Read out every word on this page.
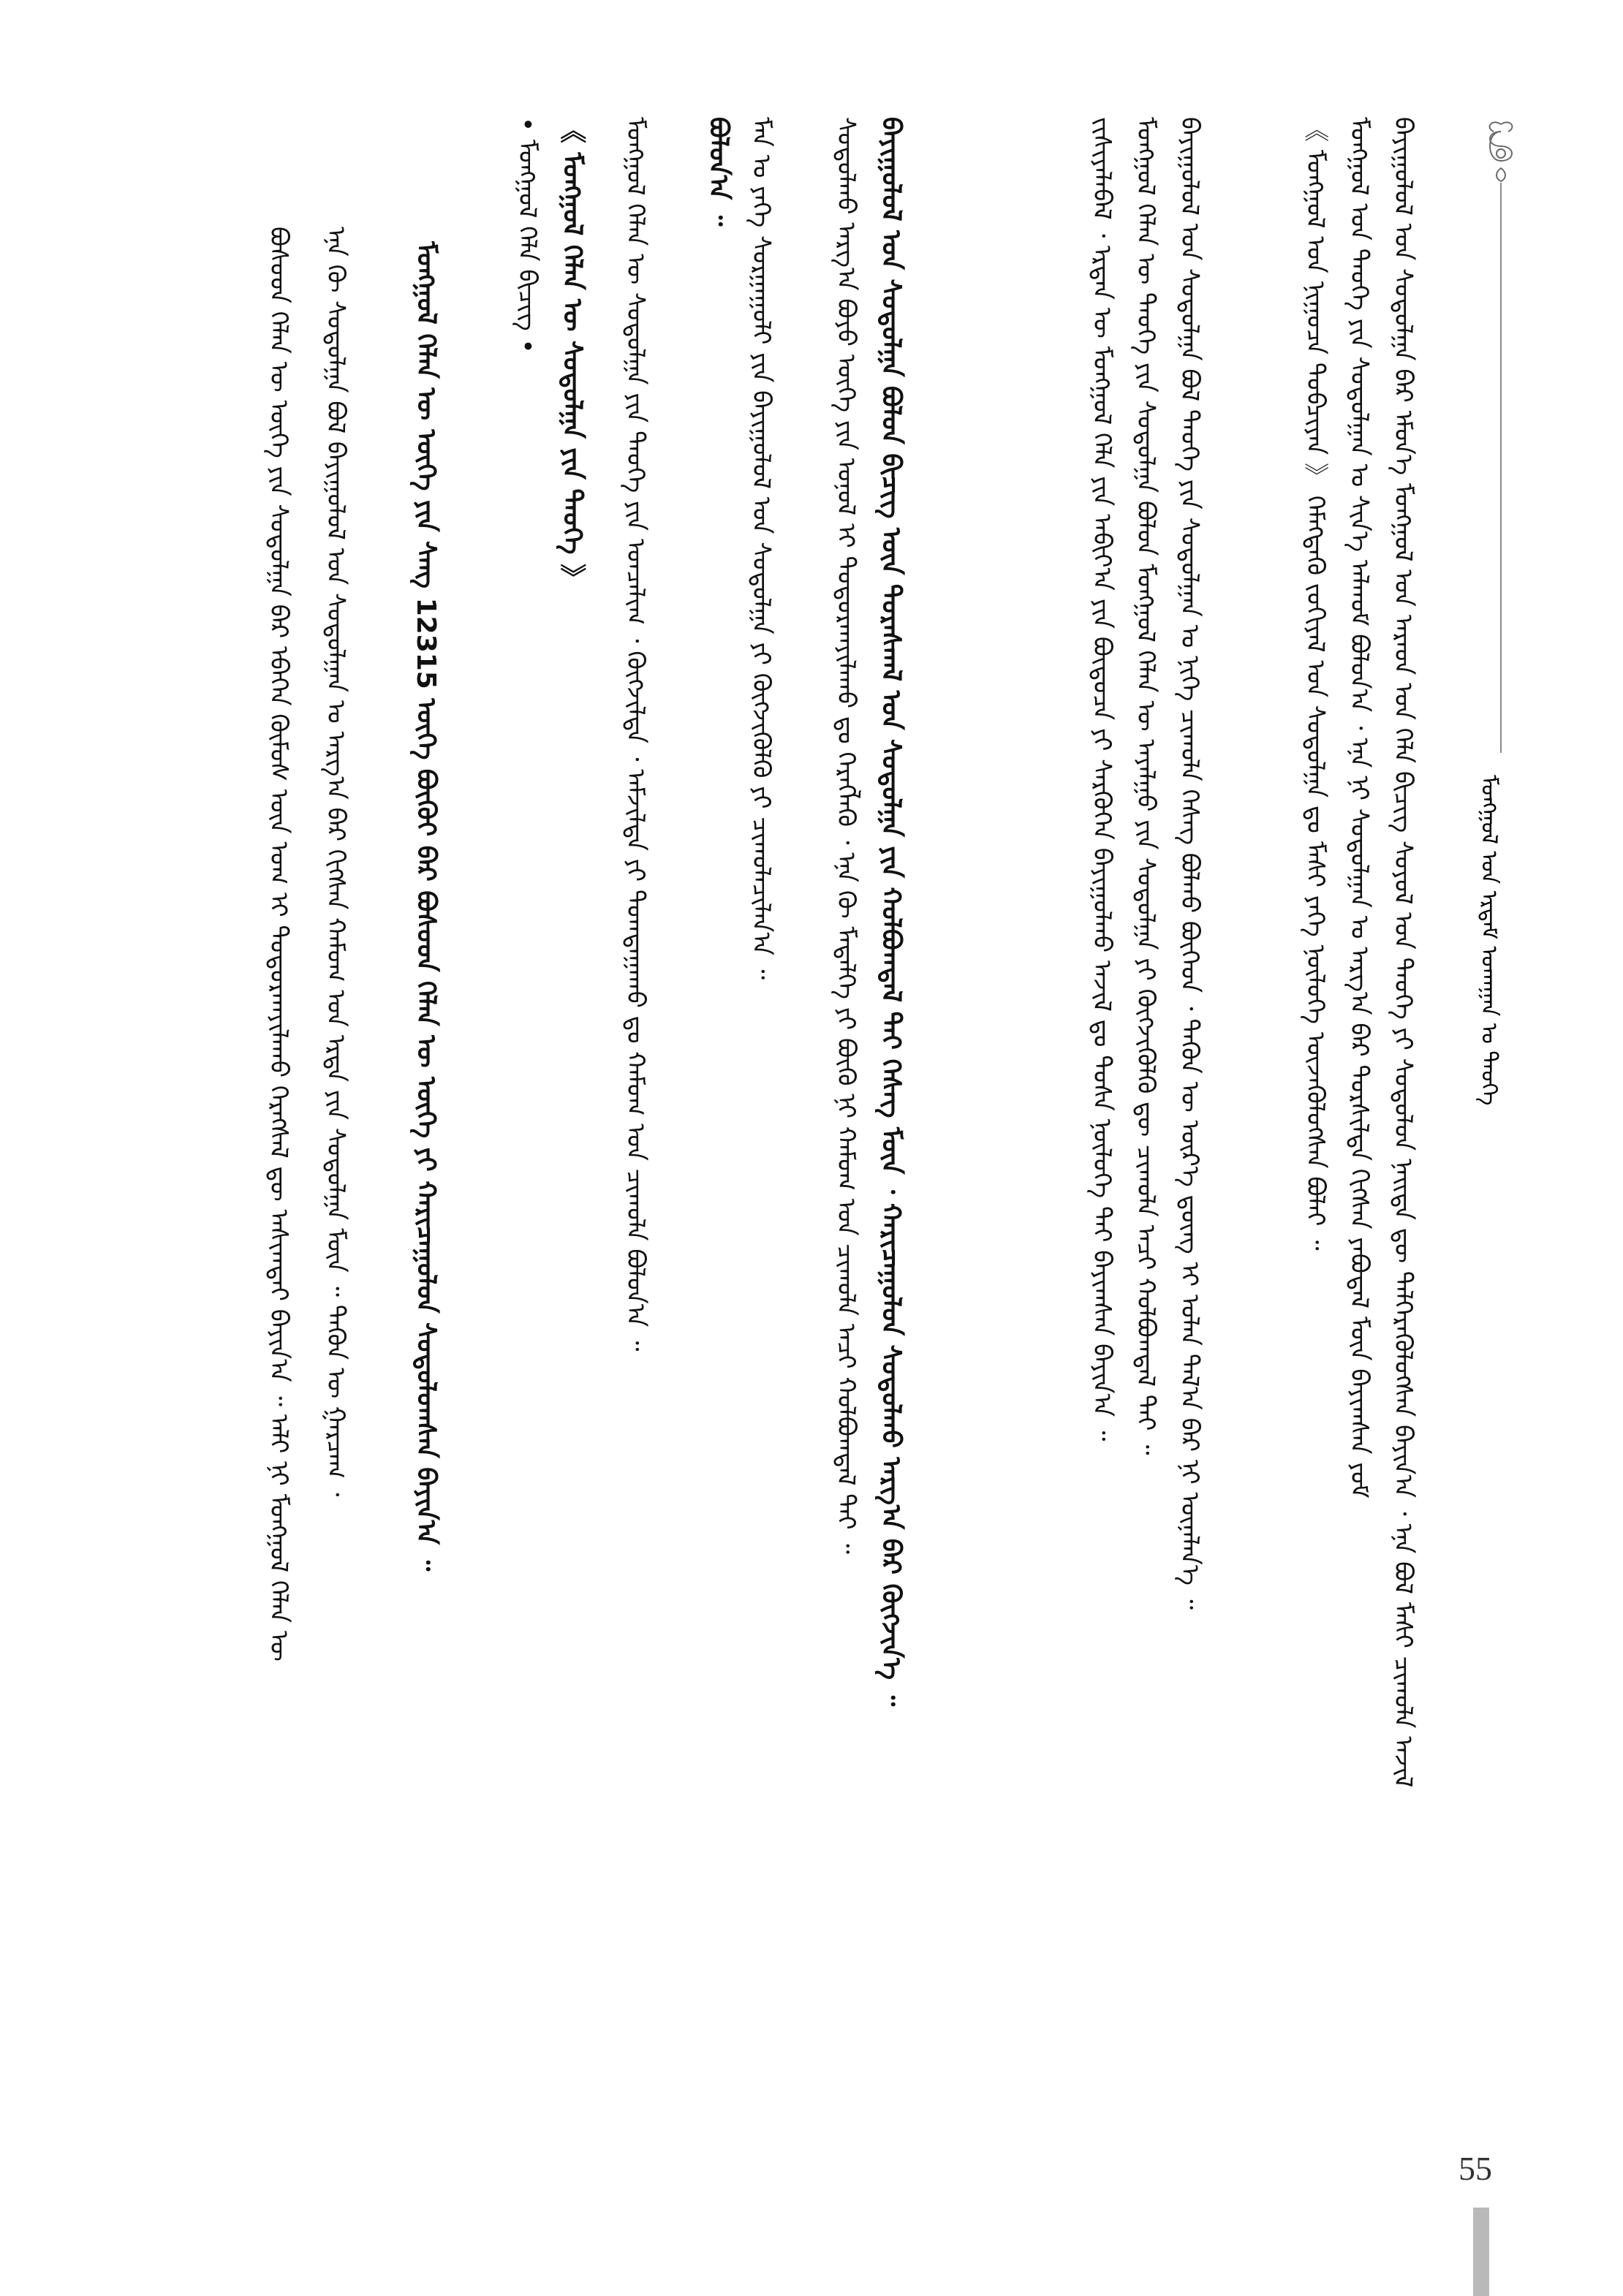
ᠮᠣᠩᠭᠣᠯ ᠤᠨ ᠡᠷᠳᠡᠮ ᠤᠬᠠᠭᠠᠨ ᠤ ᠲᠡᠦᠬᠡ
ᠪᠠᠶᠢᠭᠤᠯᠤᠯ ᠤᠨ ᠰᠤᠳᠤᠯᠭᠠ ᠪᠠᠷ ᠡᠮᠦᠨ᠎ᠡ ᠮᠣᠩᠭᠣᠯ ᠤᠨ ᠠᠷᠠᠳ ᠤᠨ ᠬᠡᠯᠡ ᠪᠢᠴᠢᠭ ᠰᠣᠶᠣᠯ ᠤᠨ ᠲᠡᠦᠬᠡ ᠶᠢ ᠰᠤᠳᠤᠯᠤᠨ ᠨᠡᠢᠲᠡ ᠳᠦ ᠳᠡᠯᠭᠡᠷᠡᠭᠦᠯᠦᠭᠰᠡᠨ ᠪᠠᠶᠢᠨ᠎ᠠ ᠂ ᠡᠨᠡ ᠪᠣᠯ ᠮᠠᠰᠢ ᠴᠢᠬᠤᠯᠠ ᠠᠵᠢᠯ
ᠮᠣᠩᠭᠣᠯ ᠤᠨ ᠲᠡᠦᠬᠡ ᠶᠢᠨ ᠰᠤᠳᠤᠯᠭᠠᠨ ᠤ ᠰᠢᠨ᠎ᠡ ᠠᠯᠬᠤᠮ ᠪᠣᠯᠤᠨ᠎ᠠ ᠂ ᠡᠨᠡ ᠨᠢ ᠰᠤᠳᠤᠯᠭᠠᠨ ᠤ ᠠᠷᠭ᠎ᠠ ᠪᠠᠷ ᠲᠤᠷᠰᠢᠯᠲᠠ ᠬᠢᠭᠰᠡᠨ ᠶᠠᠪᠤᠳᠠᠯ ᠮᠥᠨ ᠪᠠᠶᠢᠭᠰᠠᠨ ᠶᠤᠮ
《 ᠮᠣᠩᠭᠣᠯ ᠤᠨ ᠨᠢᠭᠤᠴᠠ ᠲᠣᠪᠴᠢᠶᠠᠨ 》 ᠬᠡᠮᠡᠭᠳᠡᠬᠦ ᠵᠣᠬᠢᠶᠠᠯ ᠤᠨ ᠰᠤᠳᠤᠯᠭᠠ ᠳᠤ ᠮᠠᠰᠢ ᠶᠡᠬᠡ ᠨᠥᠯᠦᠭᠡ ᠦᠵᠡᠭᠦᠯᠦᠭᠰᠡᠨ ᠪᠣᠯᠠᠢ ᠃
ᠪᠠᠶᠢᠭᠤᠯᠤᠯ ᠤᠨ ᠰᠤᠳᠤᠯᠭᠠ ᠪᠣᠯ ᠲᠡᠦᠬᠡ ᠶᠢᠨ ᠰᠤᠳᠤᠯᠭᠠᠨ ᠤ ᠨᠢᠭᠡ ᠴᠢᠬᠤᠯᠠ ᠬᠡᠰᠡᠭ ᠪᠣᠯᠬᠤ ᠪᠥᠭᠡᠳ ᠂ ᠲᠡᠭᠦᠨ ᠦ ᠦᠷ᠎ᠡ ᠳ᠋ᠦᠩ ᠢ ᠣᠯᠠᠨ ᠲᠠᠯ᠎ᠠ ᠪᠠᠷ ᠨᠢ ᠦᠨᠡᠯᠡᠨ᠎ᠡ ᠃
ᠮᠣᠩᠭᠣᠯ ᠬᠡᠯᠡᠨ ᠦ ᠲᠡᠦᠬᠡ ᠶᠢᠨ ᠰᠤᠳᠤᠯᠭᠠ ᠪᠣᠯᠤᠨ ᠮᠣᠩᠭᠣᠯ ᠬᠡᠯᠡᠨ ᠦ ᠠᠶᠠᠯᠭᠤ ᠶᠢᠨ ᠰᠤᠳᠤᠯᠭᠠ ᠶᠢ ᠬᠥᠭᠵᠢᠭᠦᠯᠬᠦ ᠳᠦ ᠴᠢᠬᠤᠯᠠ ᠠᠴᠢ ᠬᠣᠯᠪᠣᠭᠳᠠᠯ ᠲᠠᠢ ᠃
ᠵᠢᠱᠢᠶᠡᠯᠡᠪᠡᠯ ᠂ ᠡᠷᠲᠡᠨ ᠦ ᠮᠣᠩᠭᠣᠯ ᠬᠡᠯᠡ ᠶᠢᠨ ᠠᠪᠢᠶ᠎ᠠ ᠶᠢᠨ ᠪᠦᠲᠦᠴᠡ ᠶᠢ ᠰᠡᠷᠭᠦᠭᠡᠨ ᠪᠠᠶᠢᠭᠤᠯᠬᠤ ᠠᠵᠢᠯ ᠳᠤ ᠲᠤᠰᠠ ᠨᠥᠯᠦᠭᠡ ᠲᠠᠢ ᠪᠠᠶᠢᠭᠰᠠᠨ ᠪᠠᠶᠢᠨ᠎ᠠ ᠃
ᠪᠠᠶᠢᠭᠤᠯᠤᠯ ᠤᠨ ᠰᠤᠳᠤᠯᠭᠠ ᠪᠣᠯᠤᠨ ᠪᠢᠴᠢᠭ ᠦᠨ ᠳᠤᠷᠠᠰᠬᠠᠯ ᠤᠨ ᠰᠤᠳᠤᠯᠭᠠ ᠶᠢᠨ ᠬᠣᠯᠪᠣᠭᠳᠠᠯ ᠲᠠᠢ ᠬᠡᠰᠡᠭ ᠮᠥᠨ ᠂ ᠬᠠᠷᠢᠴᠠᠭᠤᠯᠤᠨ ᠰᠤᠳᠤᠯᠬᠤ ᠠᠷᠭ᠎ᠠ ᠪᠠᠷ ᠬᠥᠭᠵᠢᠨ᠎ᠡ ᠃
ᠰᠤᠳᠤᠯᠬᠤ ᠠᠷᠭ᠎ᠠ ᠪᠤᠶᠤ ᠦᠭᠡ ᠶᠢᠨ ᠣᠨᠣᠯ ᠢ ᠲᠣᠳᠤᠷᠬᠠᠶᠢᠯᠠᠬᠤ ᠳᠤ ᠬᠡᠷᠡᠭᠯᠡᠬᠦ ᠂ ᠡᠨᠡ ᠬᠦ ᠮᠡᠳᠡᠯᠭᠡ ᠶᠢ ᠪᠦᠬᠦ ᠨᠢ ᠬᠠᠮᠤᠭ ᠤᠨ ᠴᠢᠬᠤᠯᠠ ᠠᠴᠢ ᠬᠣᠯᠪᠣᠭᠳᠠᠯ ᠲᠠᠢ ᠃
ᠮᠠᠨ ᠤ ᠶᠡᠬᠡ ᠰᠤᠷᠭᠠᠭᠤᠯᠢ ᠶᠢᠨ ᠪᠠᠶᠢᠭᠤᠯᠤᠯ ᠤᠨ ᠰᠤᠳᠤᠯᠭᠠ ᠶᠢ ᠬᠥᠭᠵᠢᠭᠦᠯᠬᠦ ᠶᠢ ᠴᠢᠬᠤᠯᠠᠴᠢᠯᠠᠨ᠎ᠠ ᠃
ᠪᠣᠯᠤᠨ᠎ᠠ ᠃
ᠮᠣᠩᠭᠣᠯ ᠬᠡᠯᠡᠨ ᠦ ᠰᠤᠳᠤᠯᠭᠠ ᠶᠢᠨ ᠲᠡᠦᠬᠡ ᠶᠢᠨ ᠣᠨᠴᠠᠯᠢᠭ ᠂ ᠬᠥᠭᠵᠢᠯᠲᠡ ᠂ ᠠᠮᠵᠢᠯᠲᠠ ᠶᠢ ᠲᠣᠭᠲᠠᠭᠠᠬᠤ ᠳᠤ ᠬᠠᠮᠤᠭ ᠤᠨ ᠴᠢᠬᠤᠯᠠ ᠪᠣᠯᠤᠨ᠎ᠠ ᠃
《 ᠮᠣᠩᠭᠣᠯ ᠬᠡᠯᠡᠨ ᠦ ᠰᠤᠳᠤᠯᠭᠠ ᠶᠢᠨ ᠲᠡᠦᠬᠡ 》
• ᠮᠣᠩᠭᠣᠯ ᠬᠡᠯᠡ ᠪᠢᠴᠢᠭ •
ᠮᠣᠩᠭᠣᠯ ᠬᠡᠯᠡᠨ ᠦ ᠦᠭᠡ ᠶᠢᠨ ᠰᠠᠩ 12315 ᠦᠭᠡ ᠪᠦᠬᠦᠢ ᠪᠠᠷ ᠪᠤᠰᠤᠳ ᠬᠡᠯᠡᠨ ᠦ ᠦᠭᠡ ᠶᠢ ᠬᠠᠷᠢᠴᠠᠭᠤᠯᠤᠨ ᠰᠤᠳᠤᠯᠤᠭᠰᠠᠨ ᠪᠠᠶᠢᠨ᠎ᠠ ᠃
ᠡᠨᠡ ᠬᠦ ᠰᠤᠳᠤᠯᠭᠠ ᠪᠣᠯ ᠪᠠᠶᠢᠭᠤᠯᠤᠯ ᠤᠨ ᠰᠤᠳᠤᠯᠭᠠᠨ ᠤ ᠠᠷᠭ᠎ᠠ ᠪᠠᠷ ᠬᠢᠭᠰᠡᠨ ᠬᠠᠮᠤᠭ ᠤᠨ ᠡᠷᠲᠡ ᠶᠢᠨ ᠰᠤᠳᠤᠯᠭᠠ ᠮᠥᠨ ᠃ ᠲᠡᠭᠦᠨ ᠦ ᠭᠠᠷᠴᠠᠭ ᠂
ᠪᠤᠰᠤᠳ ᠬᠡᠯᠡᠨ ᠦ ᠦᠭᠡ ᠶᠢᠨ ᠰᠤᠳᠤᠯᠭᠠ ᠪᠠᠷ ᠡᠪᠡᠭᠡᠨ ᠬᠦᠮᠦᠰ ᠦᠨ ᠤᠭ ᠢ ᠲᠣᠳᠤᠷᠬᠠᠶᠢᠯᠠᠬᠤ ᠬᠡᠷᠡᠭᠰᠡᠯ ᠳᠦ ᠠᠰᠢᠭᠲᠠᠶ ᠪᠠᠶᠢᠨ᠎ᠠ ᠃ ᠠᠯᠢ ᠨᠢ ᠮᠣᠩᠭᠣᠯ ᠬᠡᠯᠡᠨ ᠦ
55
